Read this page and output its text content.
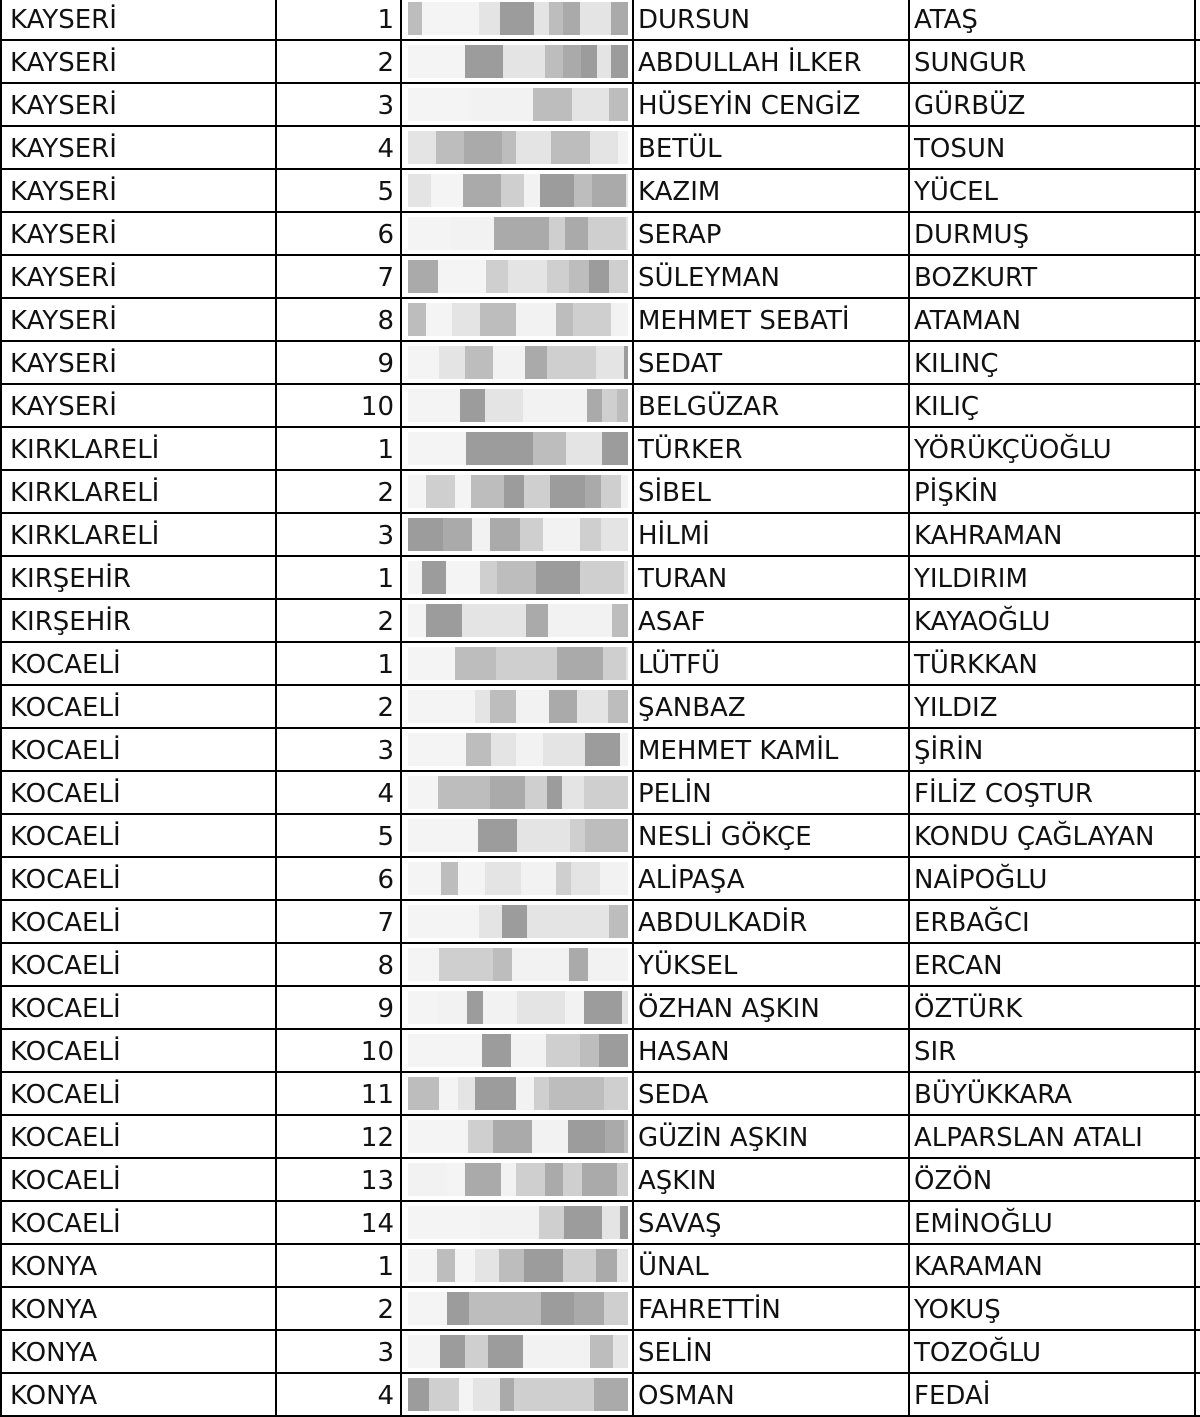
KAYSERİ	1	DURSUN	ATAŞ
KAYSERİ	2	ABDULLAH İLKER	SUNGUR
KAYSERİ	3	HÜSEYİN CENGİZ	GÜRBÜZ
KAYSERİ	4	BETÜL	TOSUN
KAYSERİ	5	KAZIM	YÜCEL
KAYSERİ	6	SERAP	DURMUŞ
KAYSERİ	7	SÜLEYMAN	BOZKURT
KAYSERİ	8	MEHMET SEBATİ	ATAMAN
KAYSERİ	9	SEDAT	KILINÇ
KAYSERİ	10	BELGÜZAR	KILIÇ
KIRKLARELİ	1	TÜRKER	YÖRÜKÇÜOĞLU
KIRKLARELİ	2	SİBEL	PİŞKİN
KIRKLARELİ	3	HİLMİ	KAHRAMAN
KIRŞEHİR	1	TURAN	YILDIRIM
KIRŞEHİR	2	ASAF	KAYAOĞLU
KOCAELİ	1	LÜTFÜ	TÜRKKAN
KOCAELİ	2	ŞANBAZ	YILDIZ
KOCAELİ	3	MEHMET KAMİL	ŞİRİN
KOCAELİ	4	PELİN	FİLİZ COŞTUR
KOCAELİ	5	NESLİ GÖKÇE	KONDU ÇAĞLAYAN
KOCAELİ	6	ALİPAŞA	NAİPOĞLU
KOCAELİ	7	ABDULKADİR	ERBAĞCI
KOCAELİ	8	YÜKSEL	ERCAN
KOCAELİ	9	ÖZHAN AŞKIN	ÖZTÜRK
KOCAELİ	10	HASAN	SIR
KOCAELİ	11	SEDA	BÜYÜKKARA
KOCAELİ	12	GÜZİN AŞKIN	ALPARSLAN ATALI
KOCAELİ	13	AŞKIN	ÖZÖN
KOCAELİ	14	SAVAŞ	EMİNOĞLU
KONYA	1	ÜNAL	KARAMAN
KONYA	2	FAHRETTİN	YOKUŞ
KONYA	3	SELİN	TOZOĞLU
KONYA	4	OSMAN	FEDAİ
